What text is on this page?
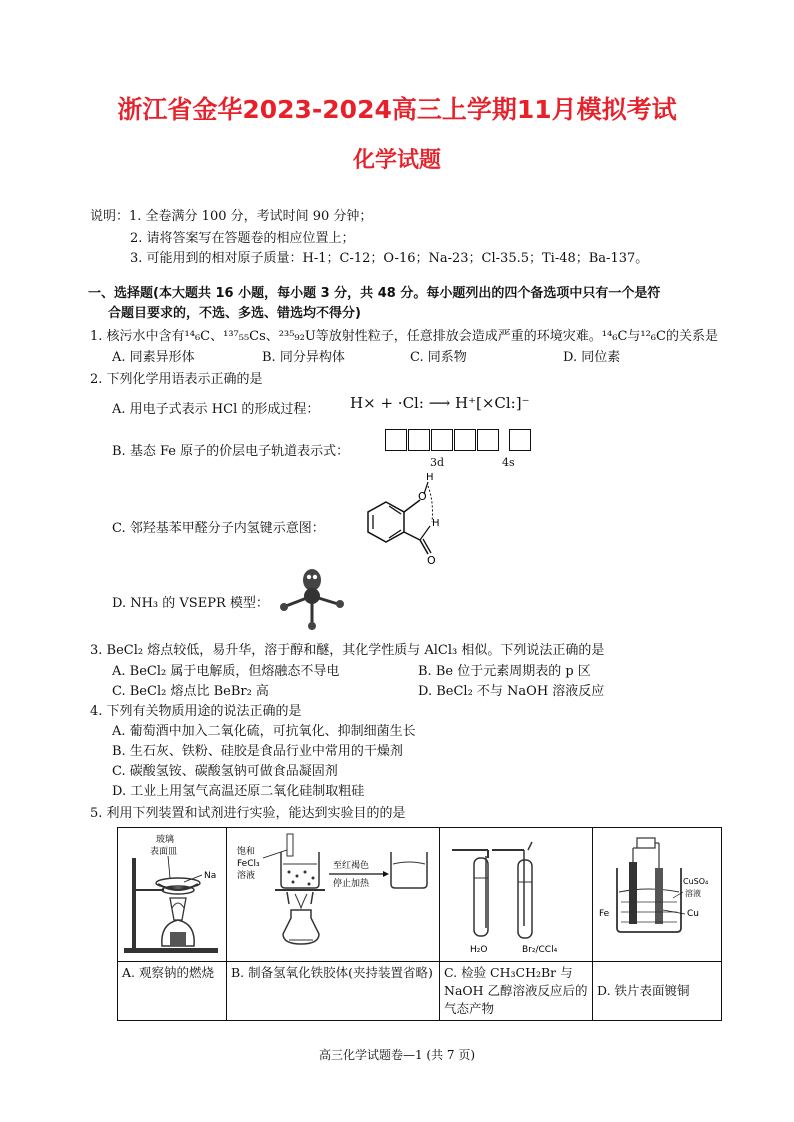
浙江省金华2023-2024高三上学期11月模拟考试
化学试题
说明：1. 全卷满分 100 分，考试时间 90 分钟；
2. 请将答案写在答题卷的相应位置上；
3. 可能用到的相对原子质量：H-1；C-12；O-16；Na-23；Cl-35.5；Ti-48；Ba-137。
一、选择题(本大题共 16 小题，每小题 3 分，共 48 分。每小题列出的四个备选项中只有一个是符
合题目要求的，不选、多选、错选均不得分)
1. 核污水中含有¹⁴₆C、¹³⁷₅₅Cs、²³⁵₉₂U等放射性粒子，任意排放会造成严重的环境灾难。¹⁴₆C与¹²₆C的关系是
A. 同素异形体	B. 同分异构体	C. 同系物	D. 同位素
2. 下列化学用语表示正确的是
A. 用电子式表示 HCl 的形成过程： H× + ·Cl: ⟶ H⁺[×Cl:]⁻
B. 基态 Fe 原子的价层电子轨道表示式：
3d	4s
C. 邻羟基苯甲醛分子内氢键示意图：
H
O
H
O
D. NH₃ 的 VSEPR 模型：
3. BeCl₂ 熔点较低，易升华，溶于醇和醚，其化学性质与 AlCl₃ 相似。下列说法正确的是
A. BeCl₂ 属于电解质，但熔融态不导电	B. Be 位于元素周期表的 p 区
C. BeCl₂ 熔点比 BeBr₂ 高	D. BeCl₂ 不与 NaOH 溶液反应
4. 下列有关物质用途的说法正确的是
A. 葡萄酒中加入二氧化硫，可抗氧化、抑制细菌生长
B. 生石灰、铁粉、硅胶是食品行业中常用的干燥剂
C. 碳酸氢铵、碳酸氢钠可做食品凝固剂
D. 工业上用氢气高温还原二氧化硅制取粗硅
5. 利用下列装置和试剂进行实验，能达到实验目的的是
玻璃
表面皿
Na	饱和
FeCl₃
溶液
至红褐色
停止加热	H₂O Br₂/CCl₄	CuSO₄
溶液
Fe Cu

A. 观察钠的燃烧	B. 制备氢氧化铁胶体(夹持装置省略)	C. 检验 CH₃CH₂Br 与 NaOH 乙醇溶液反应后的气态产物	D. 铁片表面镀铜
高三化学试题卷—1 (共 7 页)
